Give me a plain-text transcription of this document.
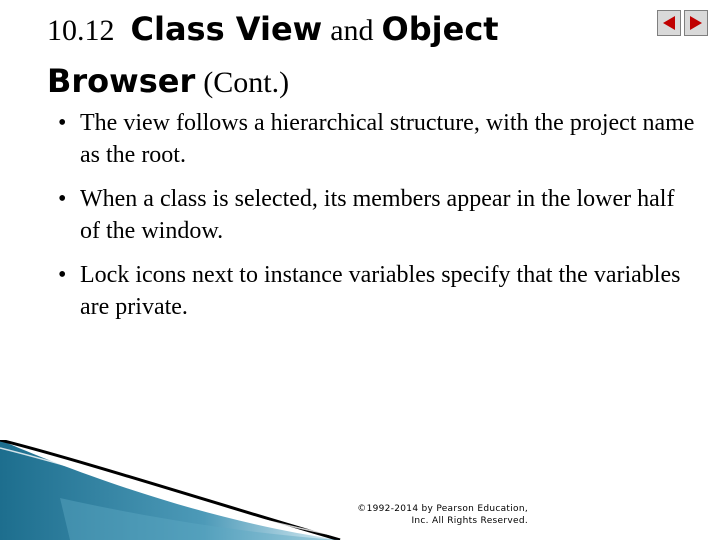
10.12 Class View and Object
Browser (Cont.)
• The view follows a hierarchical structure, with the project name as the root.
• When a class is selected, its members appear in the lower half of the window.
• Lock icons next to instance variables specify that the variables are private.
©1992-2014 by Pearson Education,
Inc. All Rights Reserved.
